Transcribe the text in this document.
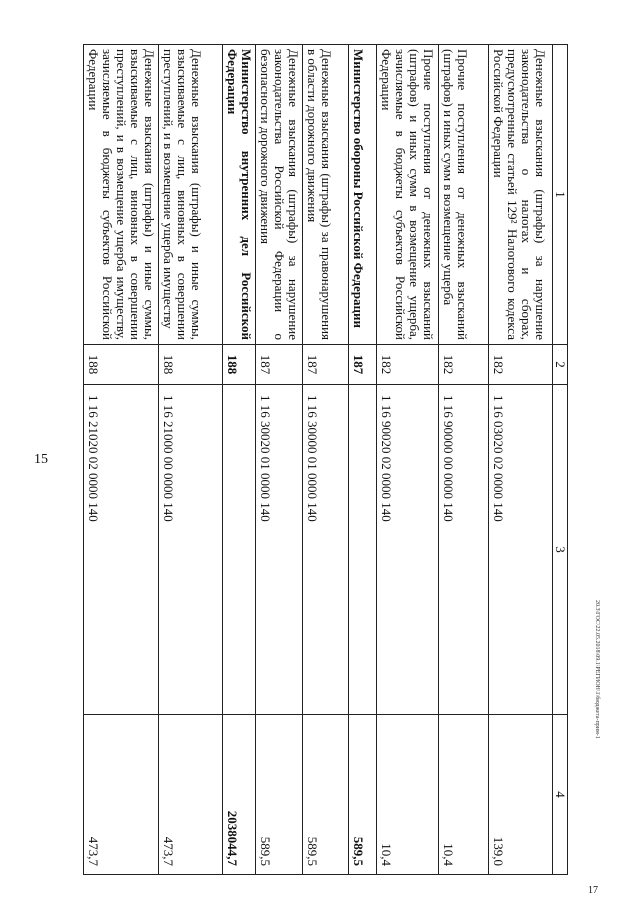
15
17
20.3\ГОС\22.05.2018\09.1\РЕГИОН\1\бюджета-прим-1
1	2	3	4
Денежные взыскания (штрафы) за нарушение законодательства о налогах и сборах, предусмотренные статьей 129² Налогового кодекса Российской Федерации	182	1 16 03020 02 0000 140	139,0
Прочие поступления от денежных взысканий (штрафов) и иных сумм в возмещение ущерба	182	1 16 90000 00 0000 140	10,4
Прочие поступления от денежных взысканий (штрафов) и иных сумм в возмещение ущерба, зачисляемые в бюджеты субъектов Российской Федерации	182	1 16 90020 02 0000 140	10,4
Министерство обороны Российской Федерации	187		589,5
Денежные взыскания (штрафы) за правонарушения в области дорожного движения	187	1 16 30000 01 0000 140	589,5
Денежные взыскания (штрафы) за нарушение законодательства Российской Федерации о безопасности дорожного движения	187	1 16 30020 01 0000 140	589,5
Министерство внутренних дел Российской Федерации	188		2038044,7
Денежные взыскания (штрафы) и иные суммы, взыскиваемые с лиц, виновных в совершении преступлений, и в возмещение ущерба имуществу	188	1 16 21000 00 0000 140	473,7
Денежные взыскания (штрафы) и иные суммы, взыскиваемые с лиц, виновных в совершении преступлений, и в возмещение ущерба имуществу, зачисляемые в бюджеты субъектов Российской Федерации	188	1 16 21020 02 0000 140	473,7
